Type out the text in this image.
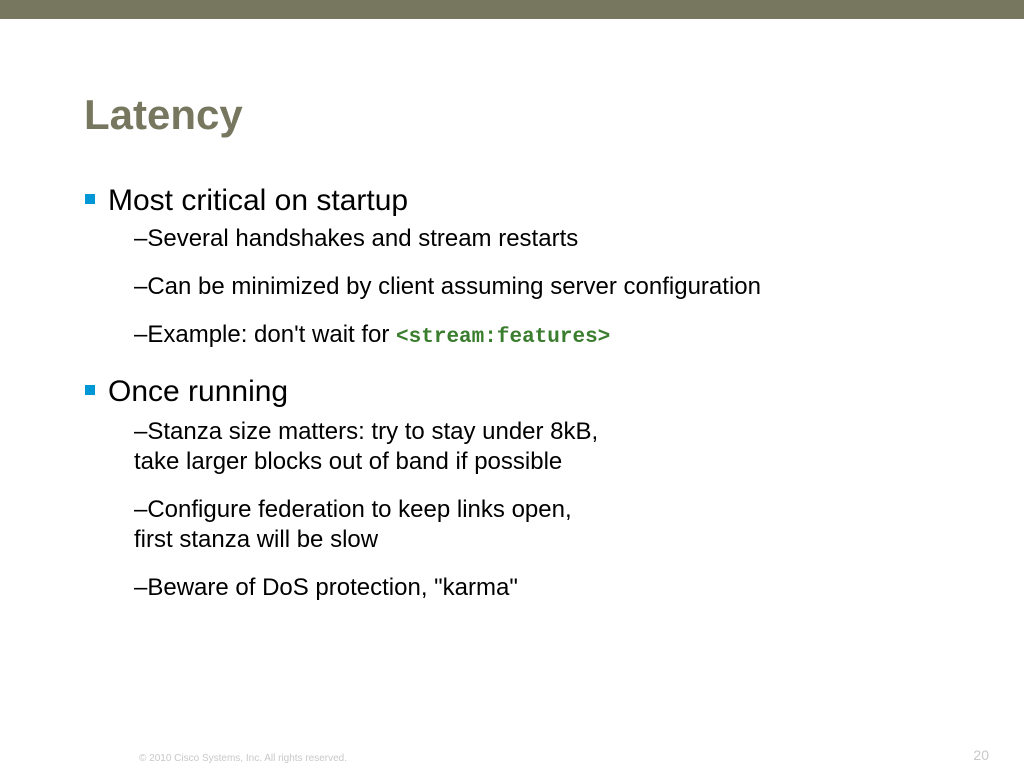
Latency
Most critical on startup
–Several handshakes and stream restarts
–Can be minimized by client assuming server configuration
–Example: don't wait for <stream:features>
Once running
–Stanza size matters: try to stay under 8kB,
take larger blocks out of band if possible
–Configure federation to keep links open,
first stanza will be slow
–Beware of DoS protection, "karma"
© 2010 Cisco Systems, Inc. All rights reserved.	20
